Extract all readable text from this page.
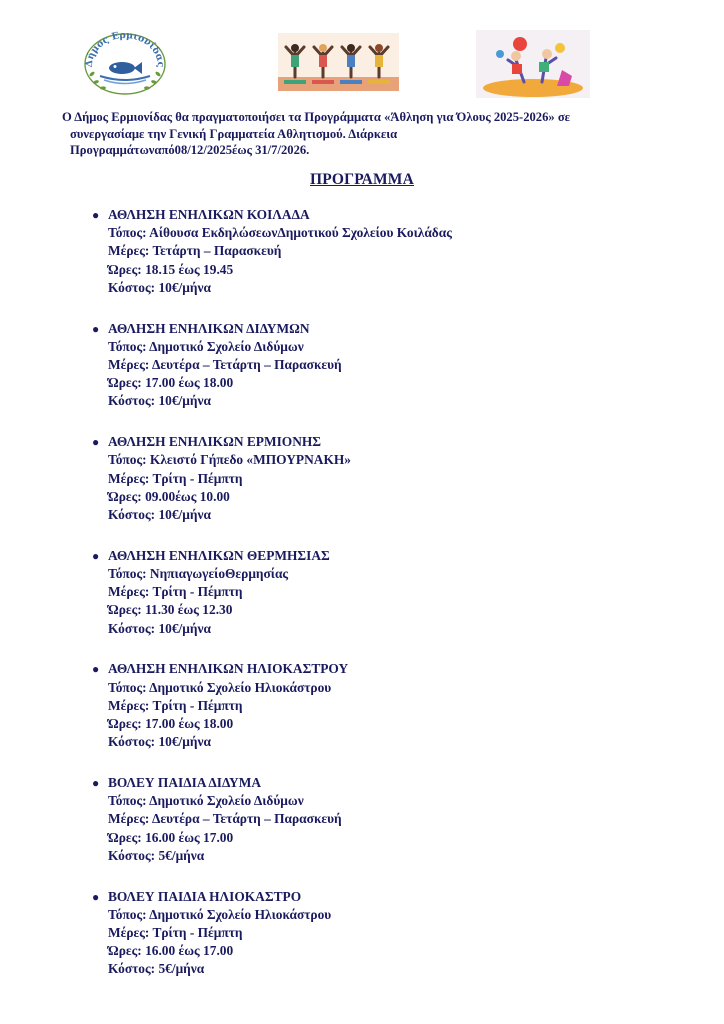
Δήμος Ερμιονίδας
Ο Δήμος Ερμιονίδας θα πραγματοποιήσει τα Προγράμματα «Άθληση για Όλους 2025-2026» σε
συνεργασίαμε την Γενική Γραμματεία Αθλητισμού. Διάρκεια
Προγραμμάτωναπό08/12/2025έως 31/7/2026.
ΠΡΟΓΡΑΜΜΑ
● ΑΘΛΗΣΗ ΕΝΗΛΙΚΩΝ ΚΟΙΛΑΔΑ
Τόπος: Αίθουσα ΕκδηλώσεωνΔημοτικού Σχολείου Κοιλάδας
Μέρες: Τετάρτη – Παρασκευή
Ώρες: 18.15 έως 19.45
Κόστος: 10€/μήνα
● ΑΘΛΗΣΗ ΕΝΗΛΙΚΩΝ ΔΙΔΥΜΩΝ
Τόπος: Δημοτικό Σχολείο Διδύμων
Μέρες: Δευτέρα – Τετάρτη – Παρασκευή
Ώρες: 17.00 έως 18.00
Κόστος: 10€/μήνα
● ΑΘΛΗΣΗ ΕΝΗΛΙΚΩΝ ΕΡΜΙΟΝΗΣ
Τόπος: Κλειστό Γήπεδο «ΜΠΟΥΡΝΑΚΗ»
Μέρες: Τρίτη - Πέμπτη
Ώρες: 09.00έως 10.00
Κόστος: 10€/μήνα
● ΑΘΛΗΣΗ ΕΝΗΛΙΚΩΝ ΘΕΡΜΗΣΙΑΣ
Τόπος: ΝηπιαγωγείοΘερμησίας
Μέρες: Τρίτη - Πέμπτη
Ώρες: 11.30 έως 12.30
Κόστος: 10€/μήνα
● ΑΘΛΗΣΗ ΕΝΗΛΙΚΩΝ ΗΛΙΟΚΑΣΤΡΟΥ
Τόπος: Δημοτικό Σχολείο Ηλιοκάστρου
Μέρες: Τρίτη - Πέμπτη
Ώρες: 17.00 έως 18.00
Κόστος: 10€/μήνα
● ΒΟΛΕΥ ΠΑΙΔΙΑ ΔΙΔΥΜΑ
Τόπος: Δημοτικό Σχολείο Διδύμων
Μέρες: Δευτέρα – Τετάρτη – Παρασκευή
Ώρες: 16.00 έως 17.00
Κόστος: 5€/μήνα
● ΒΟΛΕΥ ΠΑΙΔΙΑ ΗΛΙΟΚΑΣΤΡΟ
Τόπος: Δημοτικό Σχολείο Ηλιοκάστρου
Μέρες: Τρίτη - Πέμπτη
Ώρες: 16.00 έως 17.00
Κόστος: 5€/μήνα
